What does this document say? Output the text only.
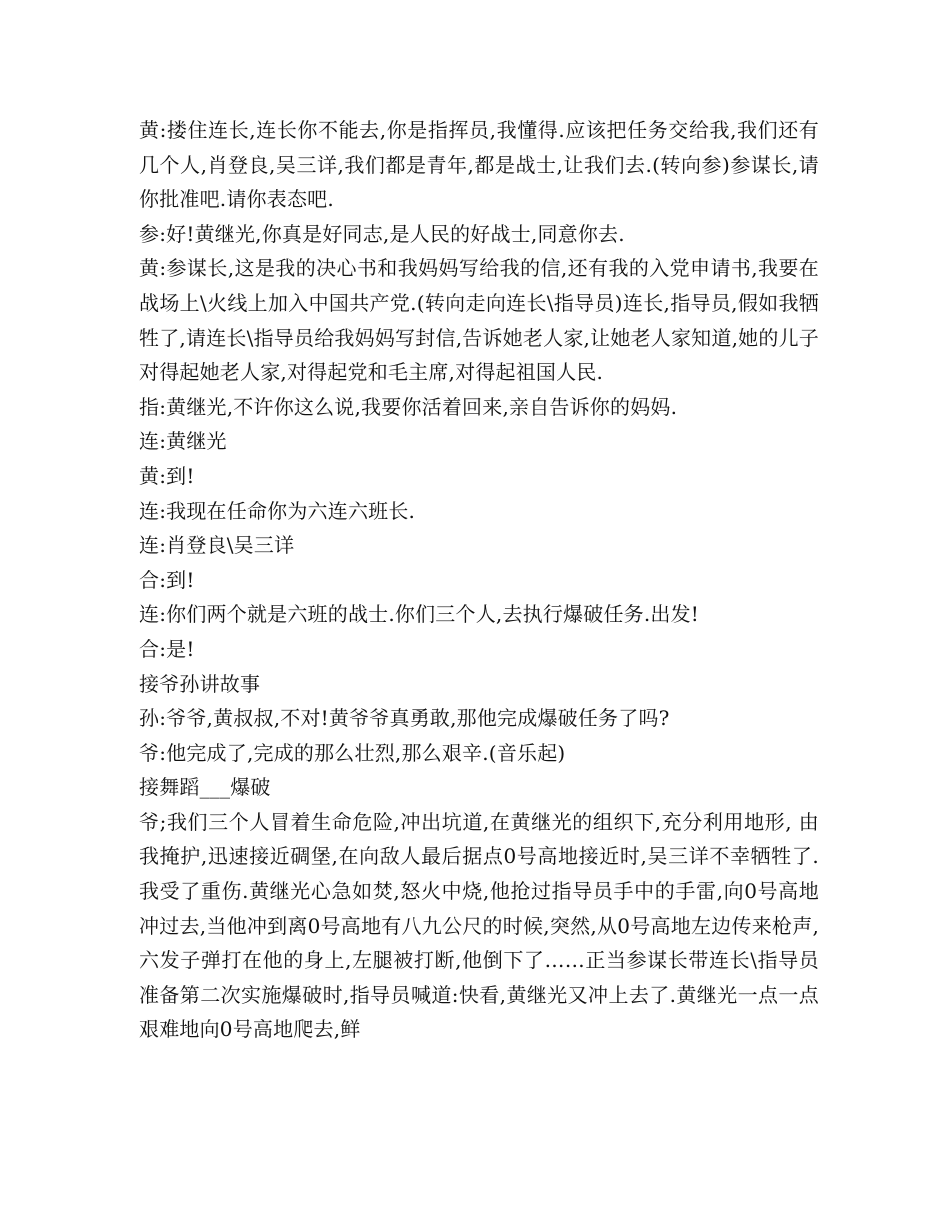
黄:搂住连长,连长你不能去,你是指挥员,我懂得.应该把任务交给我,我们还有几个人,肖登良,吴三详,我们都是青年,都是战士,让我们去.(转向参)参谋长,请你批准吧.请你表态吧.

参:好!黄继光,你真是好同志,是人民的好战士,同意你去.

黄:参谋长,这是我的决心书和我妈妈写给我的信,还有我的入党申请书,我要在战场上\火线上加入中国共产党.(转向走向连长\指导员)连长,指导员,假如我牺牲了,请连长\指导员给我妈妈写封信,告诉她老人家,让她老人家知道,她的儿子对得起她老人家,对得起党和毛主席,对得起祖国人民.

指:黄继光,不许你这么说,我要你活着回来,亲自告诉你的妈妈.

连:黄继光

黄:到!

连:我现在任命你为六连六班长.

连:肖登良\吴三详

合:到!

连:你们两个就是六班的战士.你们三个人,去执行爆破任务.出发!

合:是!

接爷孙讲故事

孙:爷爷,黄叔叔,不对!黄爷爷真勇敢,那他完成爆破任务了吗?

爷:他完成了,完成的那么壮烈,那么艰辛.(音乐起)

接舞蹈___爆破

爷;我们三个人冒着生命危险,冲出坑道,在黄继光的组织下,充分利用地形, 由我掩护,迅速接近碉堡,在向敌人最后据点0号高地接近时,吴三详不幸牺牲了. 我受了重伤.黄继光心急如焚,怒火中烧,他抢过指导员手中的手雷,向0号高地冲过去,当他冲到离0号高地有八九公尺的时候,突然,从0号高地左边传来枪声,六发子弹打在他的身上,左腿被打断,他倒下了……正当参谋长带连长\指导员准备第二次实施爆破时,指导员喊道:快看,黄继光又冲上去了.黄继光一点一点艰难地向0号高地爬去,鲜
